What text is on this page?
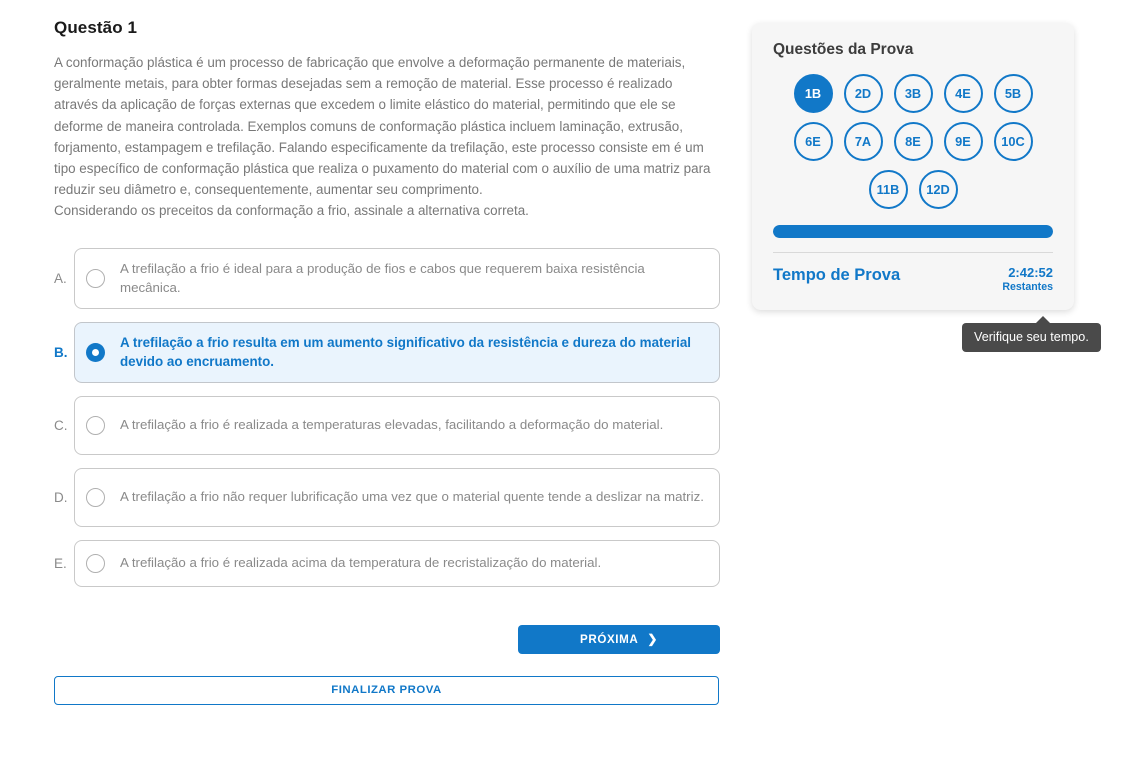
Questão 1

A conformação plástica é um processo de fabricação que envolve a deformação permanente de materiais, geralmente metais, para obter formas desejadas sem a remoção de material. Esse processo é realizado através da aplicação de forças externas que excedem o limite elástico do material, permitindo que ele se deforme de maneira controlada. Exemplos comuns de conformação plástica incluem laminação, extrusão, forjamento, estampagem e trefilação. Falando especificamente da trefilação, este processo consiste em é um tipo específico de conformação plástica que realiza o puxamento do material com o auxílio de uma matriz para reduzir seu diâmetro e, consequentemente, aumentar seu comprimento.

Considerando os preceitos da conformação a frio, assinale a alternativa correta.

A.
A trefilação a frio é ideal para a produção de fios e cabos que requerem baixa resistência mecânica.
B.
A trefilação a frio resulta em um aumento significativo da resistência e dureza do material devido ao encruamento.
C.	A trefilação a frio é realizada a temperaturas elevadas, facilitando a deformação do material.
D.	A trefilação a frio não requer lubrificação uma vez que o material quente tende a deslizar na matriz.
E.	A trefilação a frio é realizada acima da temperatura de recristalização do material.
PRÓXIMA ❯
FINALIZAR PROVA
Questões da Prova
1B	2D	3B	4E	5B
6E	7A	8E	9E	10C
11B	12D
Tempo de Prova	2:42:52
Restantes
Verifique seu tempo.
